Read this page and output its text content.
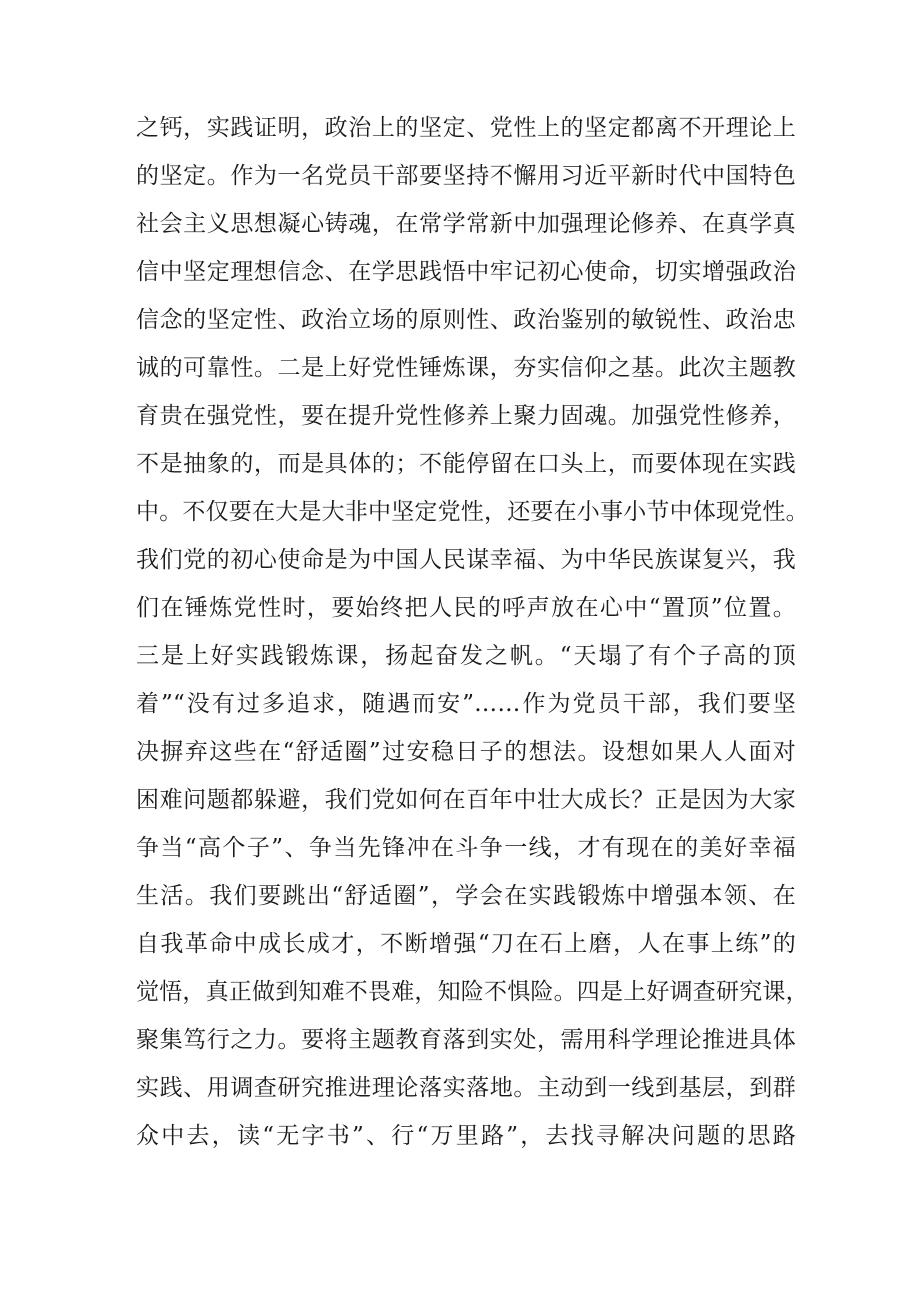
之钙，实践证明，政治上的坚定、党性上的坚定都离不开理论上
的坚定。作为一名党员干部要坚持不懈用习近平新时代中国特色
社会主义思想凝心铸魂，在常学常新中加强理论修养、在真学真
信中坚定理想信念、在学思践悟中牢记初心使命，切实增强政治
信念的坚定性、政治立场的原则性、政治鉴别的敏锐性、政治忠
诚的可靠性。二是上好党性锤炼课，夯实信仰之基。此次主题教
育贵在强党性，要在提升党性修养上聚力固魂。加强党性修养，
不是抽象的，而是具体的；不能停留在口头上，而要体现在实践
中。不仅要在大是大非中坚定党性，还要在小事小节中体现党性。
我们党的初心使命是为中国人民谋幸福、为中华民族谋复兴，我
们在锤炼党性时，要始终把人民的呼声放在心中“置顶”位置。
三是上好实践锻炼课，扬起奋发之帆。“天塌了有个子高的顶
着”“没有过多追求，随遇而安”……作为党员干部，我们要坚
决摒弃这些在“舒适圈”过安稳日子的想法。设想如果人人面对
困难问题都躲避，我们党如何在百年中壮大成长？正是因为大家
争当“高个子”、争当先锋冲在斗争一线，才有现在的美好幸福
生活。我们要跳出“舒适圈”，学会在实践锻炼中增强本领、在
自我革命中成长成才，不断增强“刀在石上磨，人在事上练”的
觉悟，真正做到知难不畏难，知险不惧险。四是上好调查研究课，
聚集笃行之力。要将主题教育落到实处，需用科学理论推进具体
实践、用调查研究推进理论落实落地。主动到一线到基层，到群
众中去，读“无字书”、行“万里路”，去找寻解决问题的思路
